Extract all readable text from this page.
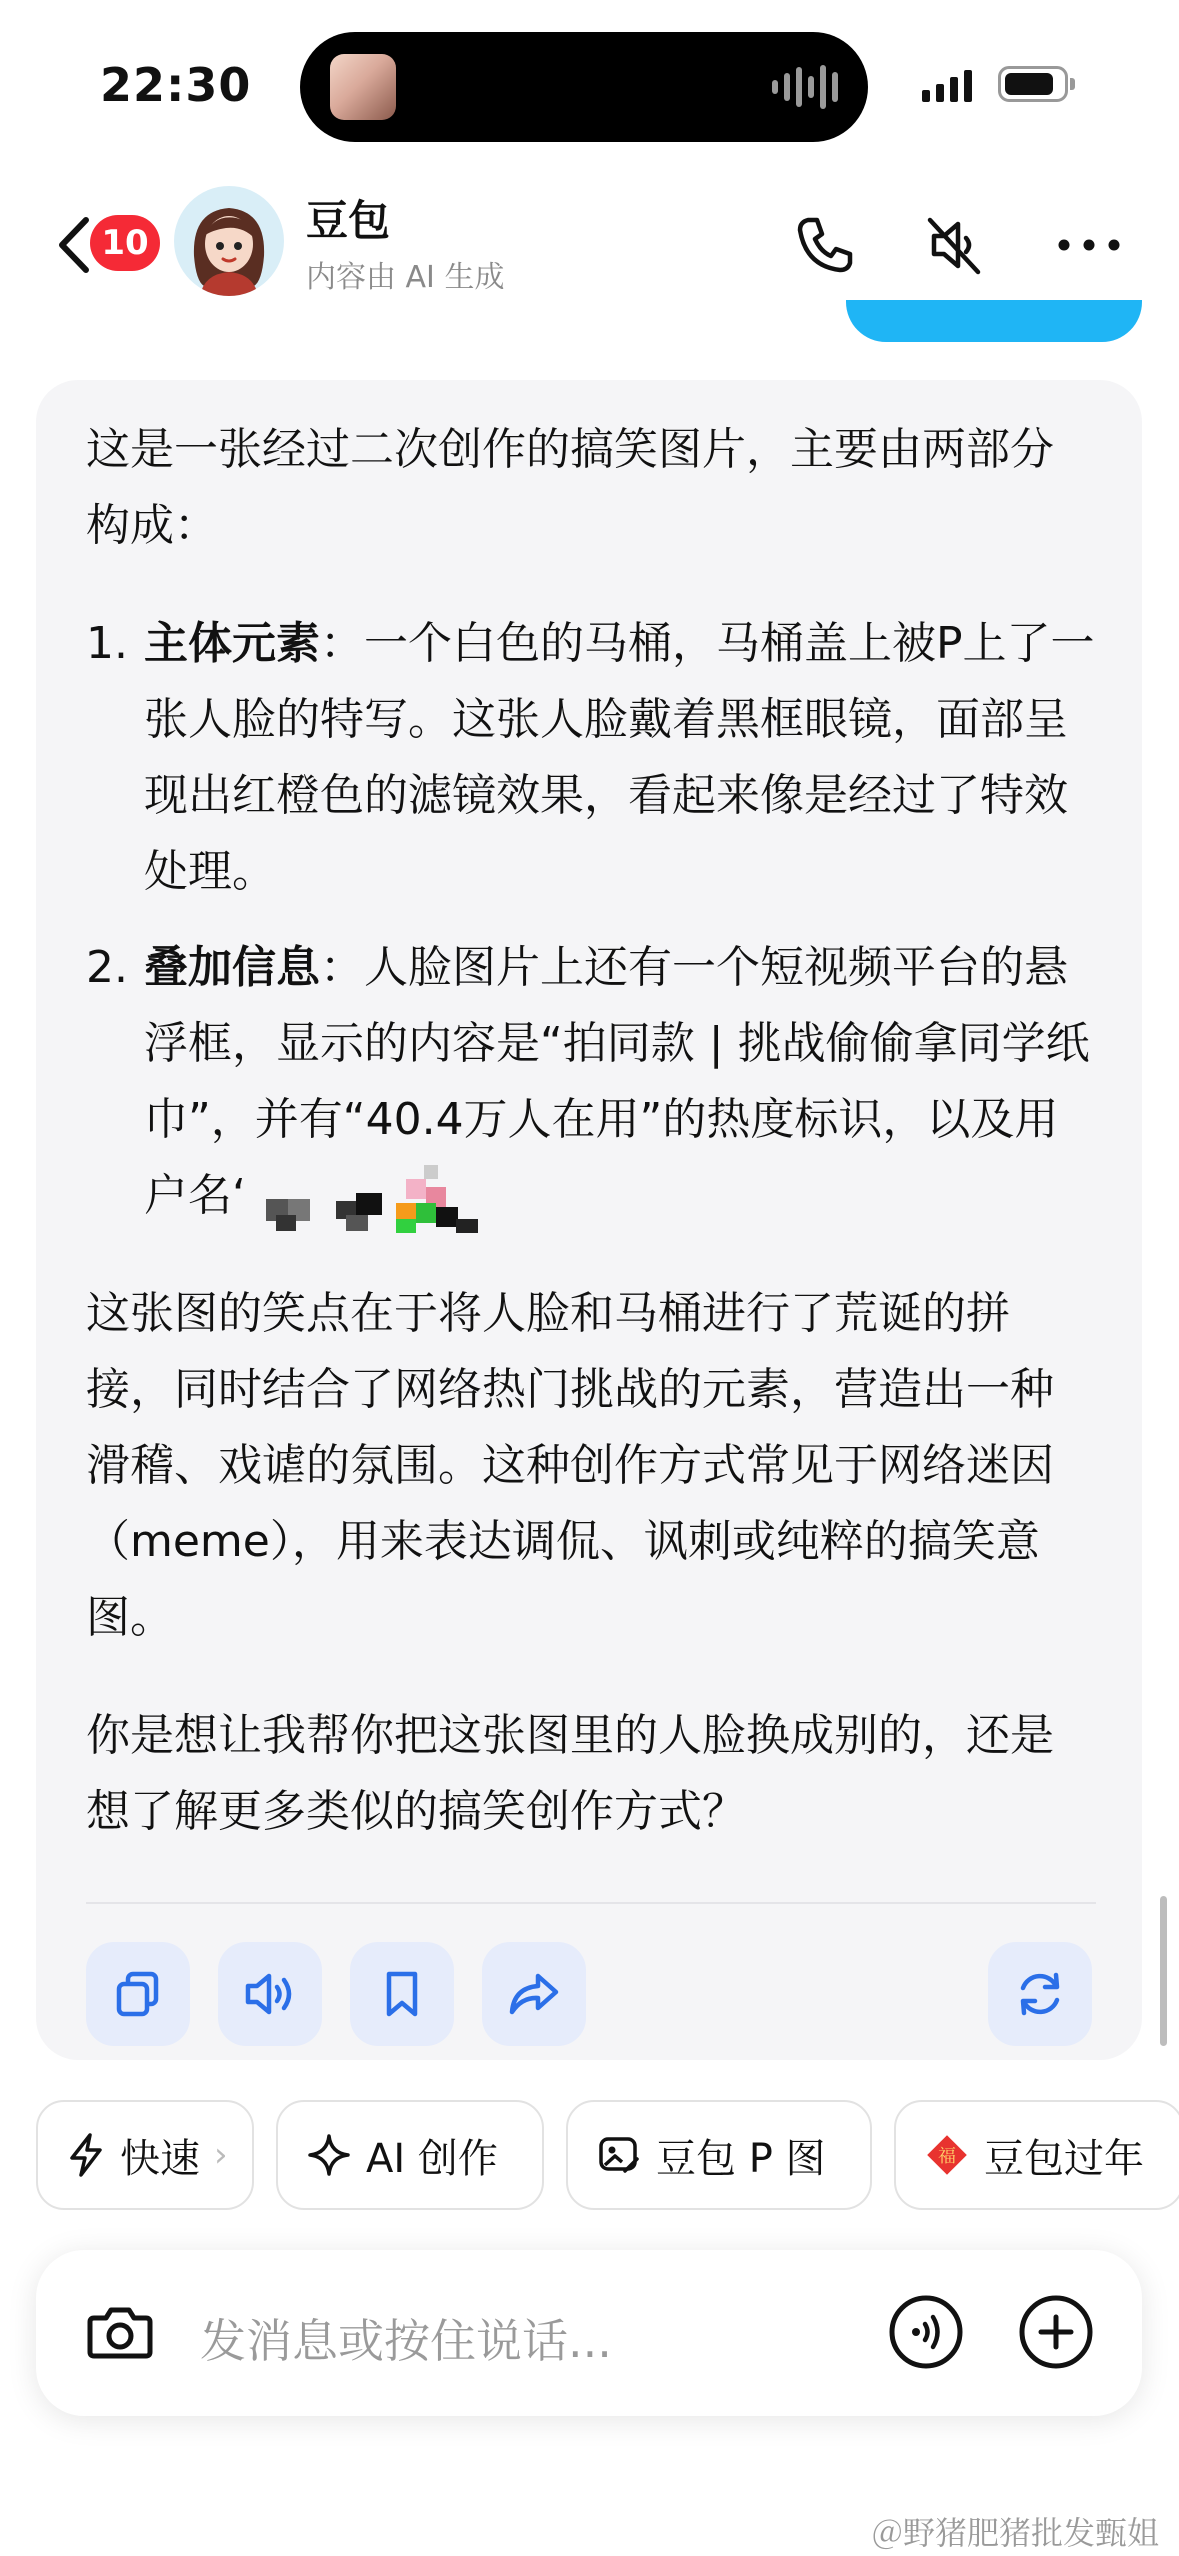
22:30
10	豆包
内容由 AI 生成

这是一张经过二次创作的搞笑图片，主要由两部分构成：

1. 主体元素：一个白色的马桶，马桶盖上被P上了一张人脸的特写。这张人脸戴着黑框眼镜，面部呈现出红橙色的滤镜效果，看起来像是经过了特效处理。
2. 叠加信息：人脸图片上还有一个短视频平台的悬浮框，显示的内容是“拍同款 | 挑战偷偷拿同学纸巾”，并有“40.4万人在用”的热度标识，以及用户名‘

这张图的笑点在于将人脸和马桶进行了荒诞的拼接，同时结合了网络热门挑战的元素，营造出一种滑稽、戏谑的氛围。这种创作方式常见于网络迷因（meme），用来表达调侃、讽刺或纯粹的搞笑意图。

你是想让我帮你把这张图里的人脸换成别的，还是想了解更多类似的搞笑创作方式？

快速 ›	AI 创作	豆包 P 图	福 豆包过年
发消息或按住说话...
＠野猪肥猪批发甄姐
